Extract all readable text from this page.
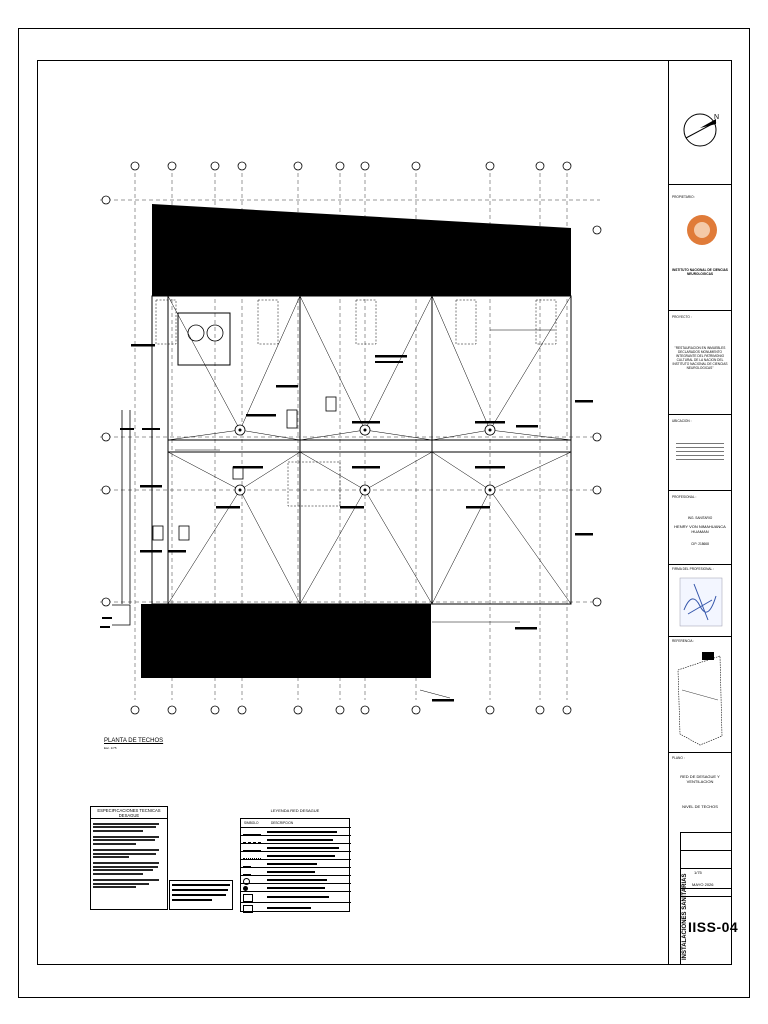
PLANTA DE TECHOS
Esc. 1/75
ESPECIFICACIONES TECNICAS DESAGUE
LEYENDA RED DESAGUE
SIMBOLO	DESCRIPCION
N
PROPIETARIO :
INSTITUTO NACIONAL DE CIENCIAS NEUROLOGICAS
PROYECTO :
"RESTAURACION EN INMUEBLES DECLARADOS MONUMENTO INTEGRANTE DEL PATRIMONIO CULTURAL DE LA NACION DEL INSTITUTO NACIONAL DE CIENCIAS NEUROLOGICAS"
UBICACION :
PROFESIONAL :
ING. SANITARIO
HENRY VON NIMAHUANCA HUAMAN
CIP: 218668
FIRMA DEL PROFESIONAL :
REFERENCIA :
PLANO :
RED DE DESAGUE Y VENTILACION
NIVEL DE TECHOS
1/75
MAYO 2026
INSTALACIONES SANITARIAS IISS-04
